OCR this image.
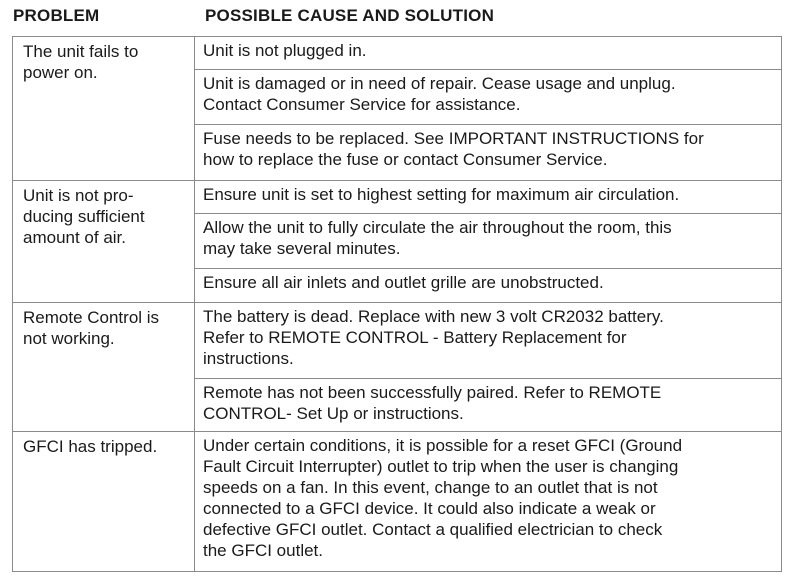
PROBLEM	POSSIBLE CAUSE AND SOLUTION
The unit fails to
power on.
Unit is not plugged in.
Unit is damaged or in need of repair. Cease usage and unplug.
Contact Consumer Service for assistance.
Fuse needs to be replaced. See IMPORTANT INSTRUCTIONS for
how to replace the fuse or contact Consumer Service.
Unit is not pro-
ducing sufficient
amount of air.
Ensure unit is set to highest setting for maximum air circulation.
Allow the unit to fully circulate the air throughout the room, this
may take several minutes.
Ensure all air inlets and outlet grille are unobstructed.
Remote Control is
not working.
The battery is dead. Replace with new 3 volt CR2032 battery.
Refer to REMOTE CONTROL - Battery Replacement for
instructions.
Remote has not been successfully paired. Refer to REMOTE
CONTROL- Set Up or instructions.
GFCI has tripped.	Under certain conditions, it is possible for a reset GFCI (Ground
Fault Circuit Interrupter) outlet to trip when the user is changing
speeds on a fan. In this event, change to an outlet that is not
connected to a GFCI device. It could also indicate a weak or
defective GFCI outlet. Contact a qualified electrician to check
the GFCI outlet.
